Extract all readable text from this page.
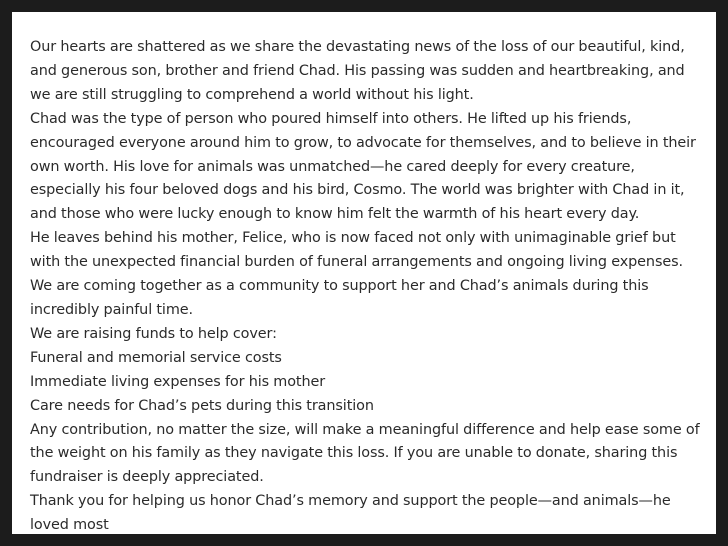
Our hearts are shattered as we share the devastating news of the loss of our beautiful, kind, and generous son, brother and friend Chad. His passing was sudden and heartbreaking, and we are still struggling to comprehend a world without his light.

Chad was the type of person who poured himself into others. He lifted up his friends, encouraged everyone around him to grow, to advocate for themselves, and to believe in their own worth. His love for animals was unmatched—he cared deeply for every creature, especially his four beloved dogs and his bird, Cosmo. The world was brighter with Chad in it, and those who were lucky enough to know him felt the warmth of his heart every day.

He leaves behind his mother, Felice, who is now faced not only with unimaginable grief but with the unexpected financial burden of funeral arrangements and ongoing living expenses. We are coming together as a community to support her and Chad’s animals during this incredibly painful time.

We are raising funds to help cover:

Funeral and memorial service costs

Immediate living expenses for his mother

Care needs for Chad’s pets during this transition

Any contribution, no matter the size, will make a meaningful difference and help ease some of the weight on his family as they navigate this loss. If you are unable to donate, sharing this fundraiser is deeply appreciated.

Thank you for helping us honor Chad’s memory and support the people—and animals—he loved most
